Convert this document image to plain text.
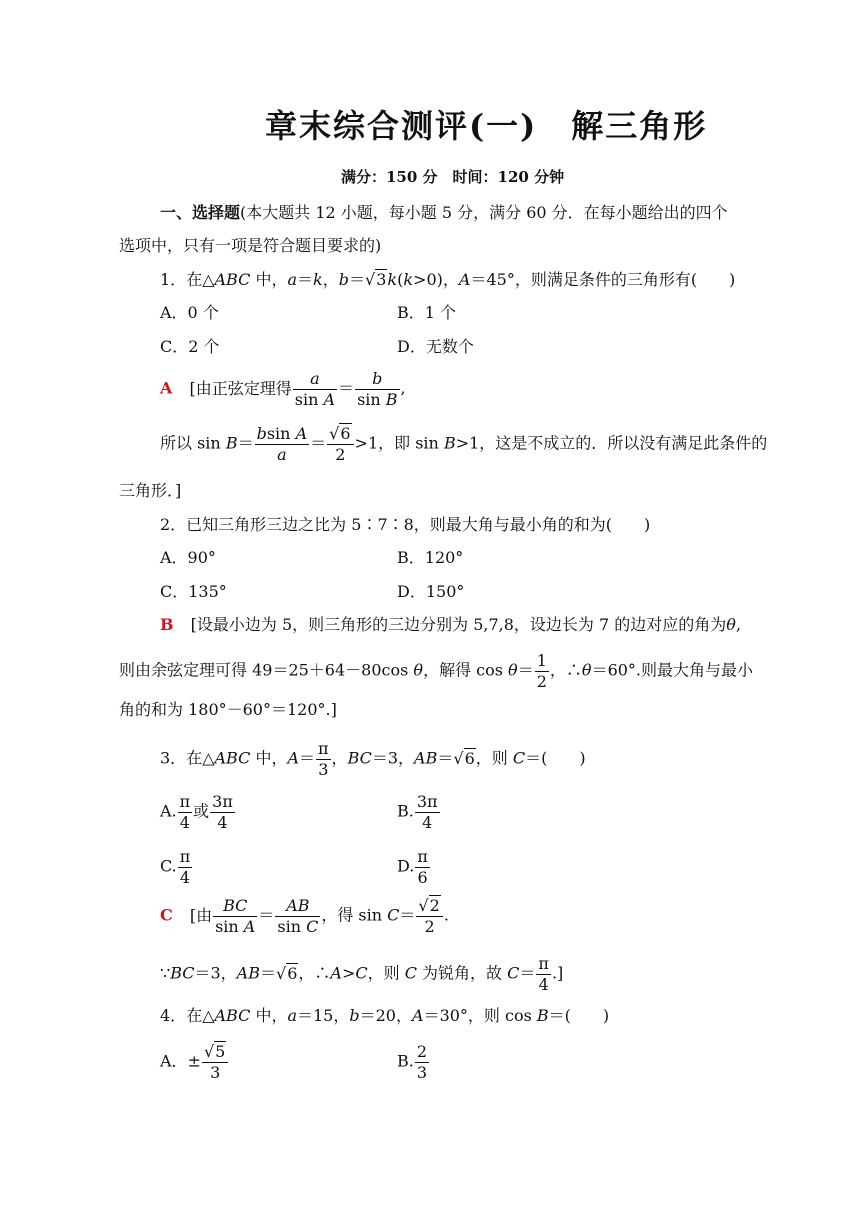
章末综合测评(一)　解三角形
满分：150 分　时间：120 分钟
一、选择题(本大题共 12 小题，每小题 5 分，满分 60 分．在每小题给出的四个
选项中，只有一项是符合题目要求的)
1．在△ABC 中，a＝k，b＝√3k(k>0)，A＝45°，则满足条件的三角形有(　　)
A．0 个	B．1 个
C．2 个	D．无数个
A [由正弦定理得 $\frac{a}{\text{sin A}} = \frac{b}{\text{sin B}}$ ,
所以 $\sin B= \frac{\text{bsin A}}{a} = \frac{√6}{2} >1$，即 sin B>1，这是不成立的．所以没有满足此条件的
三角形．]
2．已知三角形三边之比为 5∶7∶8，则最大角与最小角的和为(　　)
A．90°	B．120°
C．135°	D．150°
B [设最小边为 5，则三角形的三边分别为 5,7,8，设边长为 7 的边对应的角为θ,
则由余弦定理可得 49＝25＋64－80cos θ，解得 $\cos \theta= \frac{1}{2}$ ，∴θ＝60°.则最大角与最小
角的和为 180°－60°＝120°.]
3．在△ABC 中，$A= \frac{\pi}{3}$ ，BC＝3，AB＝√6，则 C＝(　　)
A. $\frac{\pi}{4}$ 或 $\frac{3\pi}{4}$	B. $\frac{3\pi}{4}$
C. $\frac{\pi}{4}$	D. $\frac{\pi}{6}$
C [由 $\frac{BC}{\text{sin A}} = \frac{AB}{\text{sin C}}$ ，得 $\sin C= \frac{√2}{2}$ .
∵BC＝3，AB＝√6，∴A>C，则 C 为锐角，故 $C= \frac{\pi}{4}$ .]
4．在△ABC 中，a＝15，b＝20，A＝30°，则 cos B＝(　　)
A．± $\frac{√5}{3}$	B. $\frac{2}{3}$
